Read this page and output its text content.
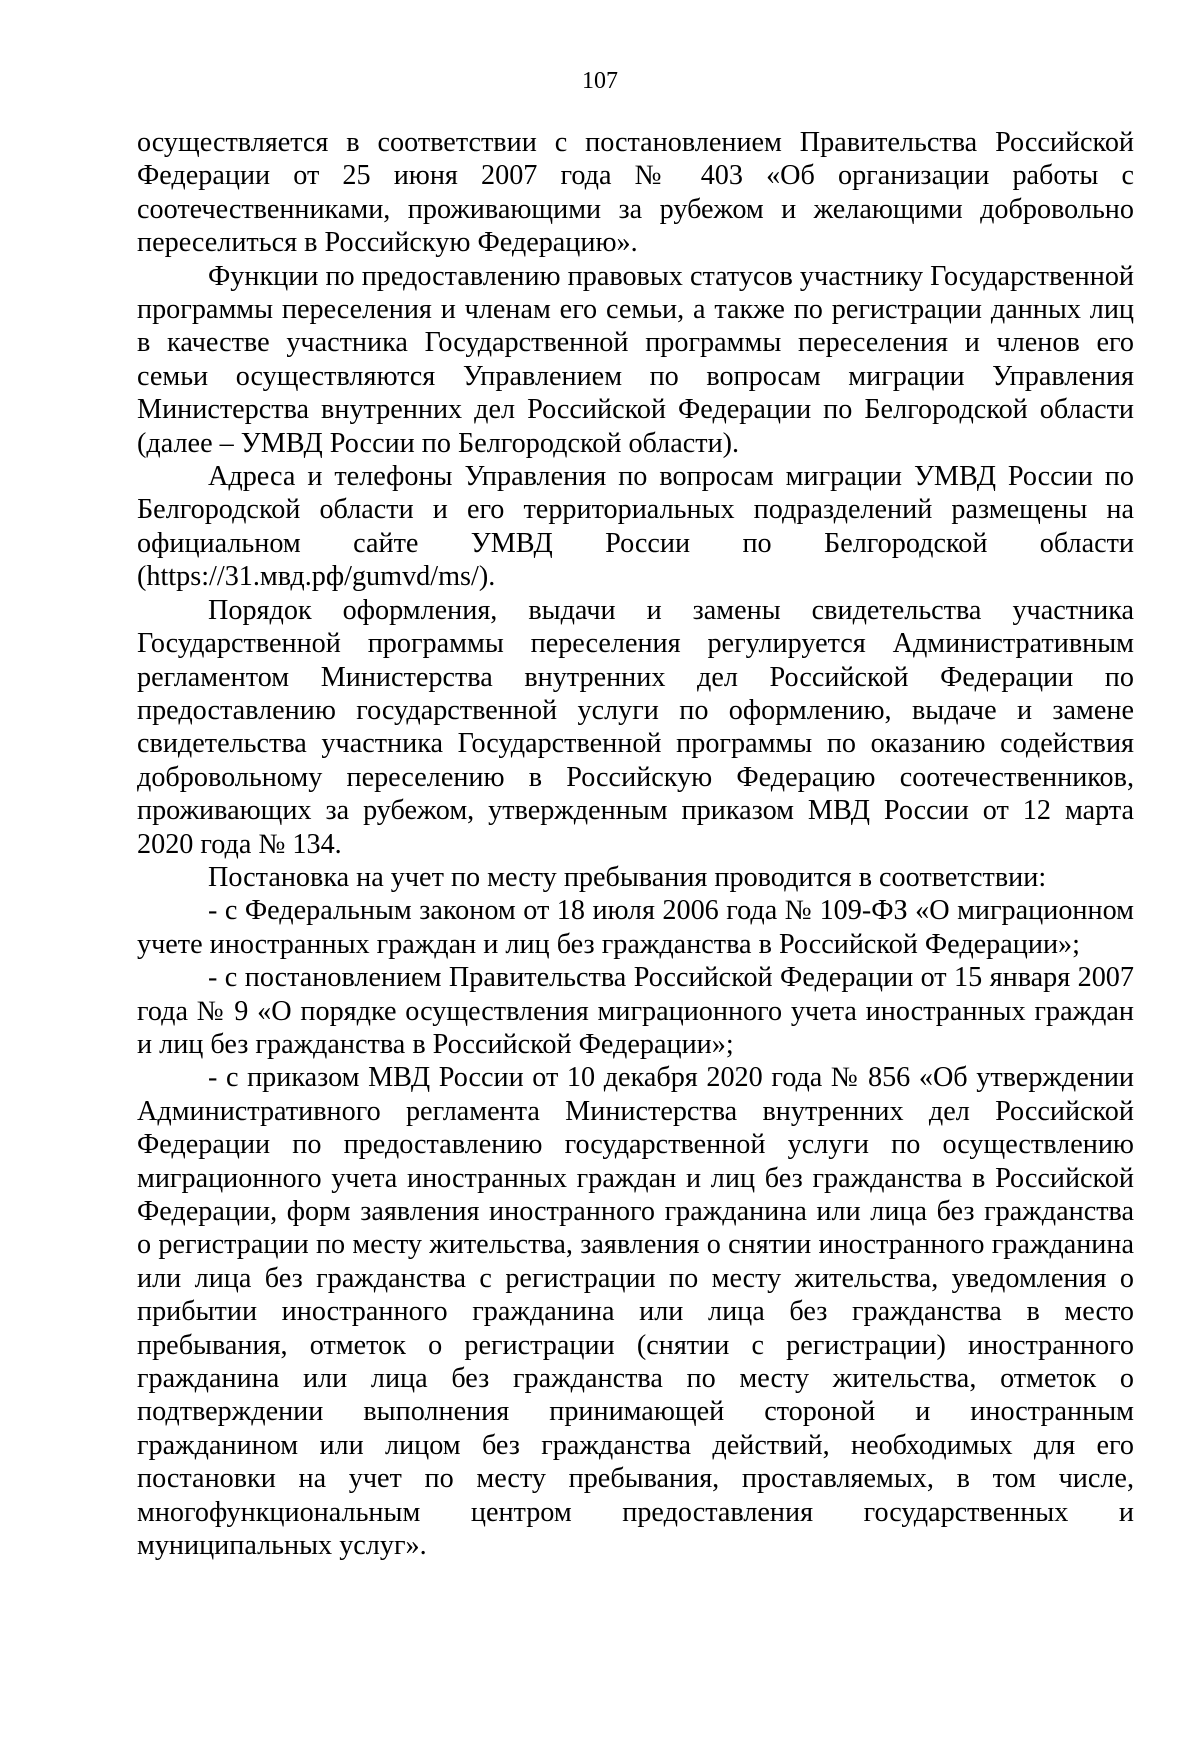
107

осуществляется в соответствии с постановлением Правительства Российской Федерации от 25 июня 2007 года № 403 «Об организации работы с соотечественниками, проживающими за рубежом и желающими добровольно переселиться в Российскую Федерацию».

Функции по предоставлению правовых статусов участнику Государственной программы переселения и членам его семьи, а также по регистрации данных лиц в качестве участника Государственной программы переселения и членов его семьи осуществляются Управлением по вопросам миграции Управления Министерства внутренних дел Российской Федерации по Белгородской области (далее – УМВД России по Белгородской области).

Адреса и телефоны Управления по вопросам миграции УМВД России по Белгородской области и его территориальных подразделений размещены на официальном сайте УМВД России по Белгородской области (https://31.мвд.рф/gumvd/ms/).

Порядок оформления, выдачи и замены свидетельства участника Государственной программы переселения регулируется Административным регламентом Министерства внутренних дел Российской Федерации по предоставлению государственной услуги по оформлению, выдаче и замене свидетельства участника Государственной программы по оказанию содействия добровольному переселению в Российскую Федерацию соотечественников, проживающих за рубежом, утвержденным приказом МВД России от 12 марта 2020 года № 134.

Постановка на учет по месту пребывания проводится в соответствии:

- с Федеральным законом от 18 июля 2006 года № 109-ФЗ «О миграционном учете иностранных граждан и лиц без гражданства в Российской Федерации»;

- с постановлением Правительства Российской Федерации от 15 января 2007 года № 9 «О порядке осуществления миграционного учета иностранных граждан и лиц без гражданства в Российской Федерации»;

- с приказом МВД России от 10 декабря 2020 года № 856 «Об утверждении Административного регламента Министерства внутренних дел Российской Федерации по предоставлению государственной услуги по осуществлению миграционного учета иностранных граждан и лиц без гражданства в Российской Федерации, форм заявления иностранного гражданина или лица без гражданства о регистрации по месту жительства, заявления о снятии иностранного гражданина или лица без гражданства с регистрации по месту жительства, уведомления о прибытии иностранного гражданина или лица без гражданства в место пребывания, отметок о регистрации (снятии с регистрации) иностранного гражданина или лица без гражданства по месту жительства, отметок о подтверждении выполнения принимающей стороной и иностранным гражданином или лицом без гражданства действий, необходимых для его постановки на учет по месту пребывания, проставляемых, в том числе, многофункциональным центром предоставления государственных и муниципальных услуг».
